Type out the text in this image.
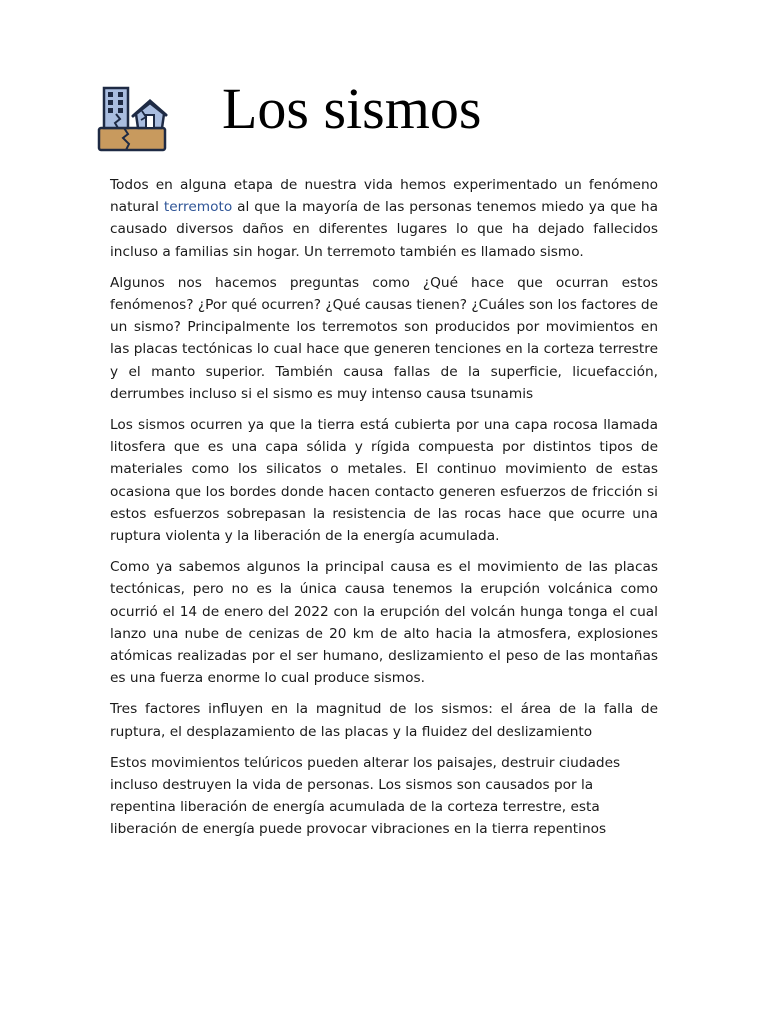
Los sismos

Todos en alguna etapa de nuestra vida hemos experimentado un fenómeno natural terremoto al que la mayoría de las personas tenemos miedo ya que ha causado diversos daños en diferentes lugares lo que ha dejado fallecidos incluso a familias sin hogar. Un terremoto también es llamado sismo.

Algunos nos hacemos preguntas como ¿Qué hace que ocurran estos fenómenos? ¿Por qué ocurren? ¿Qué causas tienen? ¿Cuáles son los factores de un sismo? Principalmente los terremotos son producidos por movimientos en las placas tectónicas lo cual hace que generen tenciones en la corteza terrestre y el manto superior. También causa fallas de la superficie, licuefacción, derrumbes incluso si el sismo es muy intenso causa tsunamis

Los sismos ocurren ya que la tierra está cubierta por una capa rocosa llamada litosfera que es una capa sólida y rígida compuesta por distintos tipos de materiales como los silicatos o metales. El continuo movimiento de estas ocasiona que los bordes donde hacen contacto generen esfuerzos de fricción si estos esfuerzos sobrepasan la resistencia de las rocas hace que ocurre una ruptura violenta y la liberación de la energía acumulada.

Como ya sabemos algunos la principal causa es el movimiento de las placas tectónicas, pero no es la única causa tenemos la erupción volcánica como ocurrió el 14 de enero del 2022 con la erupción del volcán hunga tonga el cual lanzo una nube de cenizas de 20 km de alto hacia la atmosfera, explosiones atómicas realizadas por el ser humano, deslizamiento el peso de las montañas es una fuerza enorme lo cual produce sismos.

Tres factores influyen en la magnitud de los sismos: el área de la falla de ruptura, el desplazamiento de las placas y la fluidez del deslizamiento

Estos movimientos telúricos pueden alterar los paisajes, destruir ciudades incluso destruyen la vida de personas. Los sismos son causados por la repentina liberación de energía acumulada de la corteza terrestre, esta liberación de energía puede provocar vibraciones en la tierra repentinos
